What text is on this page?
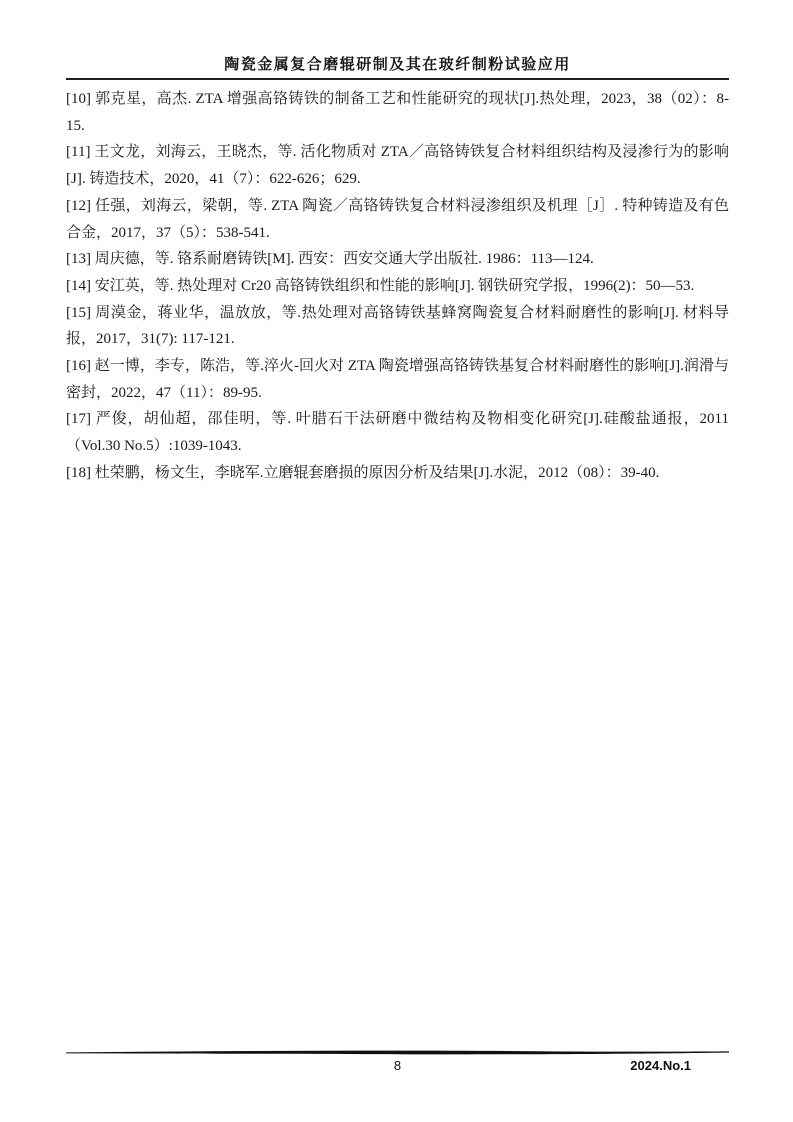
陶瓷金属复合磨辊研制及其在玻纤制粉试验应用

[10] 郭克星，高杰. ZTA 增强高铬铸铁的制备工艺和性能研究的现状[J].热处理，2023，38（02）：8-15.

[11] 王文龙，刘海云，王晓杰，等. 活化物质对 ZTA／高铬铸铁复合材料组织结构及浸渗行为的影响 [J]. 铸造技术，2020，41（7）：622-626；629.

[12] 任强，刘海云，梁朝，等. ZTA 陶瓷／高铬铸铁复合材料浸渗组织及机理［J］. 特种铸造及有色合金，2017，37（5）：538-541.

[13] 周庆德，等. 铬系耐磨铸铁[M]. 西安：西安交通大学出版社. 1986：113—124.

[14] 安江英，等. 热处理对 Cr20 高铬铸铁组织和性能的影响[J]. 钢铁研究学报，1996(2)：50—53.

[15] 周漠金，蒋业华，温放放，等.热处理对高铬铸铁基蜂窝陶瓷复合材料耐磨性的影响[J]. 材料导报，2017，31(7): 117-121.

[16] 赵一博，李专，陈浩，等.淬火-回火对 ZTA 陶瓷增强高铬铸铁基复合材料耐磨性的影响[J].润滑与密封，2022，47（11）：89-95.

[17] 严俊，胡仙超，邵佳明，等. 叶腊石干法研磨中微结构及物相变化研究[J].硅酸盐通报，2011（Vol.30 No.5）:1039-1043.

[18] 杜荣鹏，杨文生，李晓军.立磨辊套磨损的原因分析及结果[J].水泥，2012（08）：39-40.

8	2024.No.1
